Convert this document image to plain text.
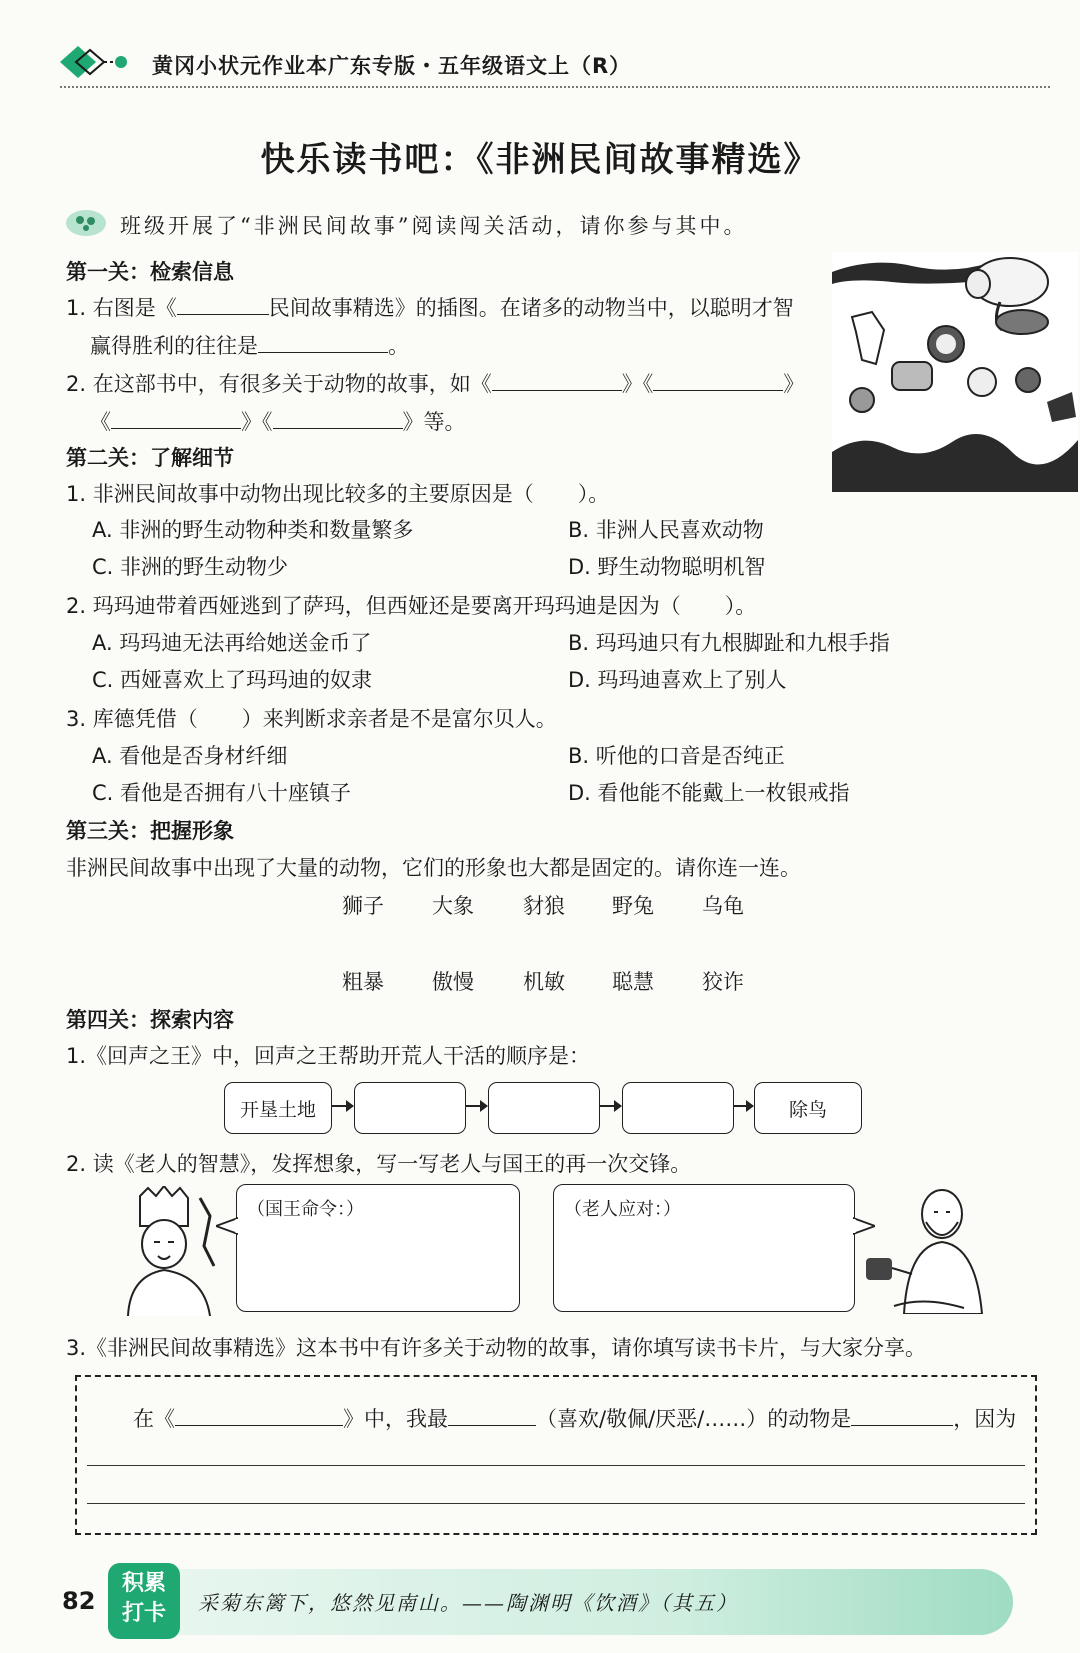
黄冈小状元作业本广东专版・五年级语文上（R）
快乐读书吧：《非洲民间故事精选》
班级开展了“非洲民间故事”阅读闯关活动，请你参与其中。
第一关：检索信息
1. 右图是《	民间故事精选》的插图。在诸多的动物当中，以聪明才智
赢得胜利的往往是	。
2. 在这部书中，有很多关于动物的故事，如《	》《	》
《	》《	》等。
第二关：了解细节
1. 非洲民间故事中动物出现比较多的主要原因是（ ）。
A. 非洲的野生动物种类和数量繁多	B. 非洲人民喜欢动物
C. 非洲的野生动物少	D. 野生动物聪明机智
2. 玛玛迪带着西娅逃到了萨玛，但西娅还是要离开玛玛迪是因为（ ）。
A. 玛玛迪无法再给她送金币了	B. 玛玛迪只有九根脚趾和九根手指
C. 西娅喜欢上了玛玛迪的奴隶	D. 玛玛迪喜欢上了别人
3. 库德凭借（ ）来判断求亲者是不是富尔贝人。
A. 看他是否身材纤细	B. 听他的口音是否纯正
C. 看他是否拥有八十座镇子	D. 看他能不能戴上一枚银戒指
第三关：把握形象
非洲民间故事中出现了大量的动物，它们的形象也大都是固定的。请你连一连。
狮子 大象 豺狼 野兔 乌龟
粗暴 傲慢 机敏 聪慧 狡诈
第四关：探索内容
1.《回声之王》中，回声之王帮助开荒人干活的顺序是：
开垦土地	除鸟
2. 读《老人的智慧》，发挥想象，写一写老人与国王的再一次交锋。
（国王命令：）	（老人应对：）
3.《非洲民间故事精选》这本书中有许多关于动物的故事，请你填写读书卡片，与大家分享。
在《	》中，我最	（喜欢/敬佩/厌恶/……）的动物是	，因为
82
积累
打卡	采菊东篱下，悠然见南山。——陶渊明《饮酒》（其五）
